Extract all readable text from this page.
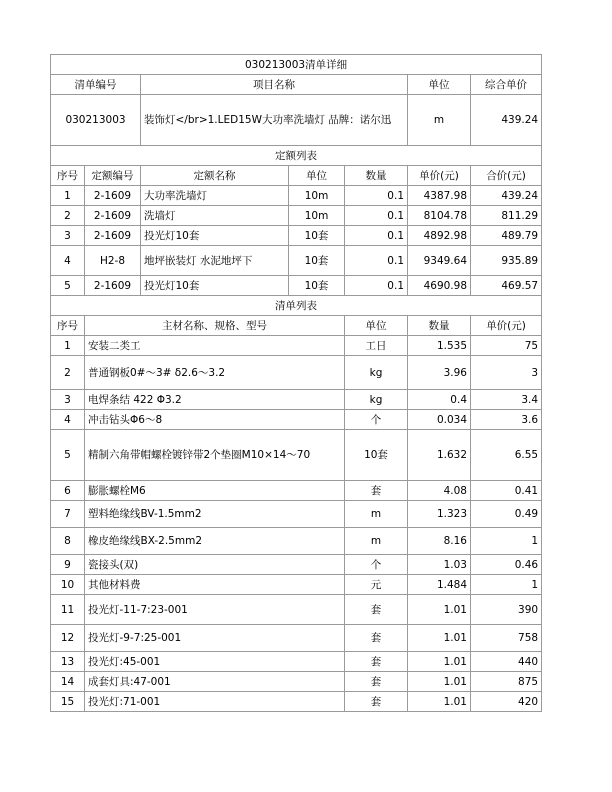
030213003清单详细							
清单编号		项目名称			单位	综合单价	
030213003		装饰灯</br>1.LED15W大功率洗墙灯 品牌：诺尔迅			m	439.24	
定额列表							
序号	定额编号	定额名称	单位	数量	单价(元)	合价(元)	
1	2-1609	大功率洗墙灯	10m	0.1	4387.98	439.24	
2	2-1609	洗墙灯	10m	0.1	8104.78	811.29	
3	2-1609	投光灯10套	10套	0.1	4892.98	489.79	
4	H2-8	地坪嵌装灯 水泥地坪下	10套	0.1	9349.64	935.89	
5	2-1609	投光灯10套	10套	0.1	4690.98	469.57	
清单列表							
序号	主材名称、规格、型号			单位	数量	单价(元)	
1	安装二类工			工日	1.535	75	
2	普通钢板0#～3# δ2.6～3.2			kg	3.96	3	
3	电焊条结 422 Φ3.2			kg	0.4	3.4	
4	冲击钻头Φ6～8			个	0.034	3.6	
5	精制六角带帽螺栓镀锌带2个垫圈M10×14～70			10套	1.632	6.55	
6	膨胀螺栓M6			套	4.08	0.41	
7	塑料绝缘线BV-1.5mm2			m	1.323	0.49	
8	橡皮绝缘线BX-2.5mm2			m	8.16	1	
9	瓷接头(双)			个	1.03	0.46	
10	其他材料费			元	1.484	1	
11	投光灯-11-7:23-001			套	1.01	390	
12	投光灯-9-7:25-001			套	1.01	758	
13	投光灯:45-001			套	1.01	440	
14	成套灯具:47-001			套	1.01	875	
15	投光灯:71-001			套	1.01	420	
